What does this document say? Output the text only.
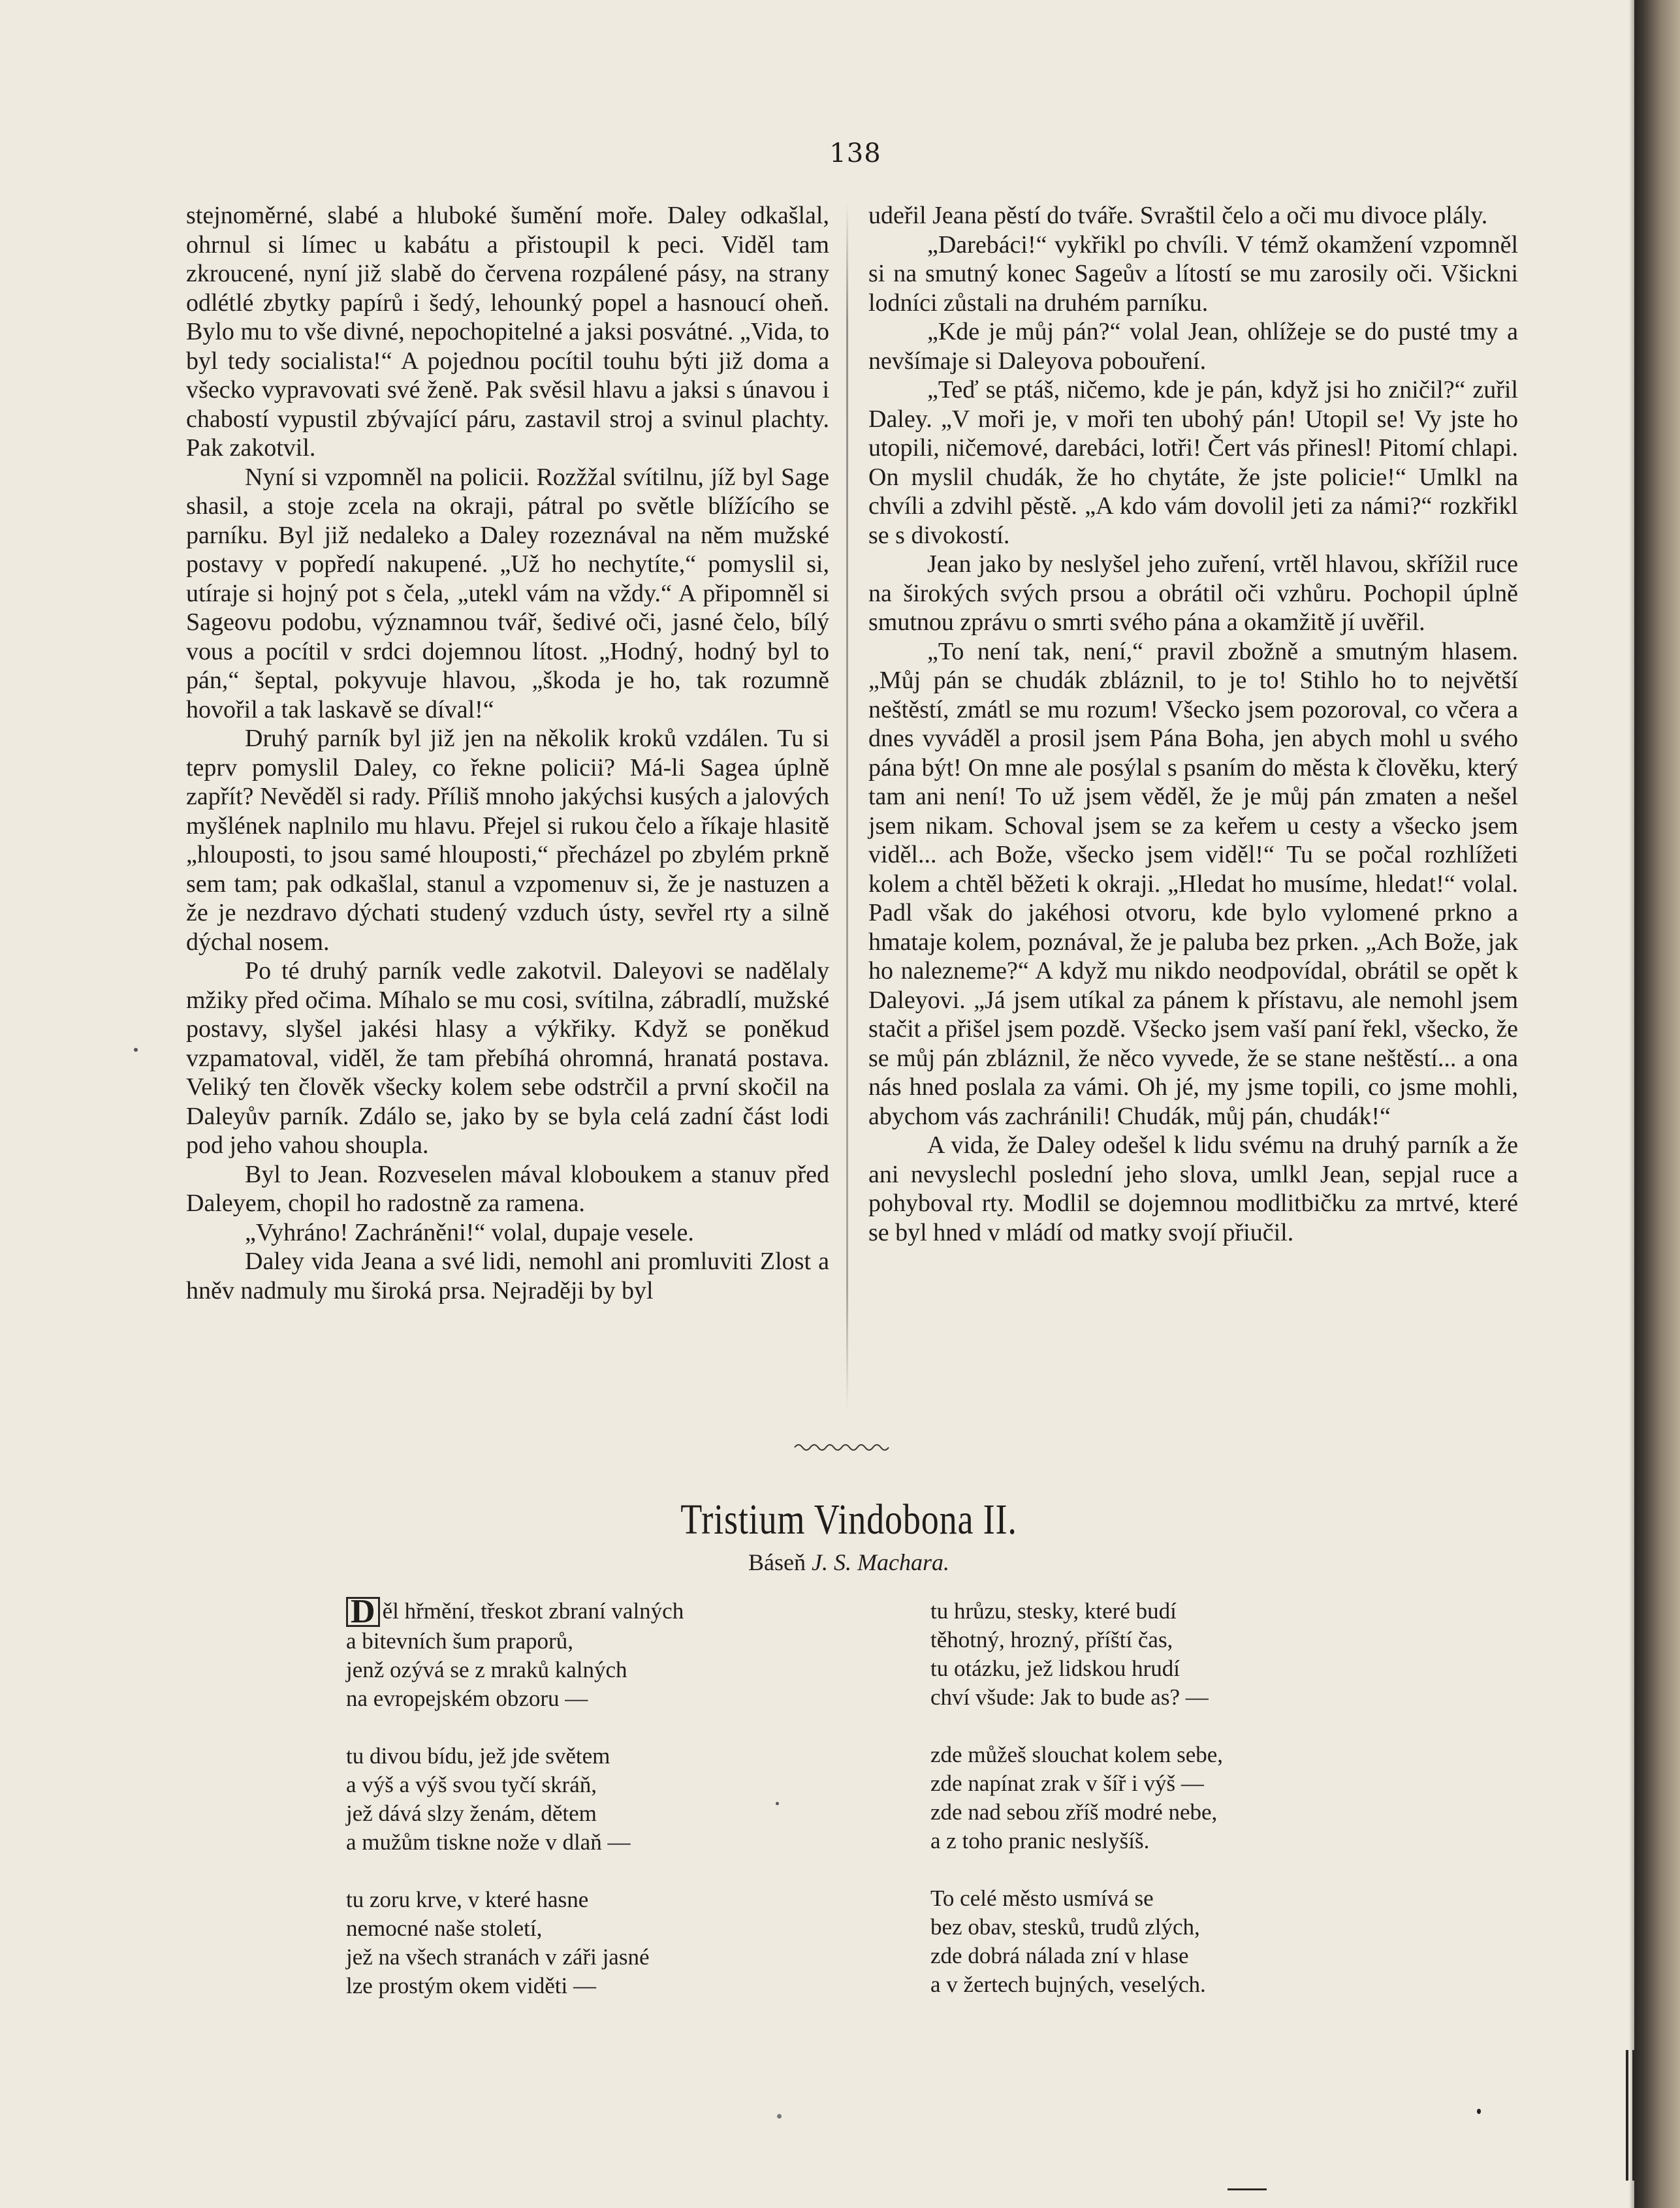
138

stejnoměrné, slabé a hluboké šumění moře. Daley odkašlal, ohrnul si límec u kabátu a přistoupil k peci. Viděl tam zkroucené, nyní již slabě do červena rozpálené pásy, na strany odlétlé zbytky papírů i šedý, lehounký popel a hasnoucí oheň. Bylo mu to vše divné, nepochopitelné a jaksi posvátné. „Vida, to byl tedy socialista!“ A pojednou pocítil touhu býti již doma a všecko vypravovati své ženě. Pak svěsil hlavu a jaksi s únavou i chabostí vypustil zbývající páru, zastavil stroj a svinul plachty. Pak zakotvil.

Nyní si vzpomněl na policii. Rozžžal svítilnu, jíž byl Sage shasil, a stoje zcela na okraji, pátral po světle blížícího se parníku. Byl již nedaleko a Daley rozeznával na něm mužské postavy v popředí nakupené. „Už ho nechytíte,“ pomyslil si, utíraje si hojný pot s čela, „utekl vám na vždy.“ A připomněl si Sageovu podobu, významnou tvář, šedivé oči, jasné čelo, bílý vous a pocítil v srdci dojemnou lítost. „Hodný, hodný byl to pán,“ šeptal, pokyvuje hlavou, „škoda je ho, tak rozumně hovořil a tak laskavě se díval!“

Druhý parník byl již jen na několik kroků vzdálen. Tu si teprv pomyslil Daley, co řekne policii? Má-li Sagea úplně zapřít? Nevěděl si rady. Příliš mnoho jakýchsi kusých a jalových myšlének naplnilo mu hlavu. Přejel si rukou čelo a říkaje hlasitě „hlouposti, to jsou samé hlouposti,“ přecházel po zbylém prkně sem tam; pak odkašlal, stanul a vzpomenuv si, že je nastuzen a že je nezdravo dýchati studený vzduch ústy, sevřel rty a silně dýchal nosem.

Po té druhý parník vedle zakotvil. Daleyovi se nadělaly mžiky před očima. Míhalo se mu cosi, svítilna, zábradlí, mužské postavy, slyšel jakési hlasy a výkřiky. Když se poněkud vzpamatoval, viděl, že tam přebíhá ohromná, hranatá postava. Veliký ten člověk všecky kolem sebe odstrčil a první skočil na Daleyův parník. Zdálo se, jako by se byla celá zadní část lodi pod jeho vahou shoupla.

Byl to Jean. Rozveselen mával kloboukem a stanuv před Daleyem, chopil ho radostně za ramena.

„Vyhráno! Zachráněni!“ volal, dupaje vesele.

Daley vida Jeana a své lidi, nemohl ani promluviti Zlost a hněv nadmuly mu široká prsa. Nejraději by byl

udeřil Jeana pěstí do tváře. Svraštil čelo a oči mu divoce plály.

„Darebáci!“ vykřikl po chvíli. V témž okamžení vzpomněl si na smutný konec Sageův a lítostí se mu zarosily oči. Všickni lodníci zůstali na druhém parníku.

„Kde je můj pán?“ volal Jean, ohlížeje se do pusté tmy a nevšímaje si Daleyova pobouření.

„Teď se ptáš, ničemo, kde je pán, když jsi ho zničil?“ zuřil Daley. „V moři je, v moři ten ubohý pán! Utopil se! Vy jste ho utopili, ničemové, darebáci, lotři! Čert vás přinesl! Pitomí chlapi. On myslil chudák, že ho chytáte, že jste policie!“ Umlkl na chvíli a zdvihl pěstě. „A kdo vám dovolil jeti za námi?“ rozkřikl se s divokostí.

Jean jako by neslyšel jeho zuření, vrtěl hlavou, skřížil ruce na širokých svých prsou a obrátil oči vzhůru. Pochopil úplně smutnou zprávu o smrti svého pána a okamžitě jí uvěřil.

„To není tak, není,“ pravil zbožně a smutným hlasem. „Můj pán se chudák zbláznil, to je to! Stihlo ho to největší neštěstí, zmátl se mu rozum! Všecko jsem pozoroval, co včera a dnes vyváděl a prosil jsem Pána Boha, jen abych mohl u svého pána být! On mne ale posýlal s psaním do města k člověku, který tam ani není! To už jsem věděl, že je můj pán zmaten a nešel jsem nikam. Schoval jsem se za keřem u cesty a všecko jsem viděl... ach Bože, všecko jsem viděl!“ Tu se počal rozhlížeti kolem a chtěl běžeti k okraji. „Hledat ho musíme, hledat!“ volal. Padl však do jakéhosi otvoru, kde bylo vylomené prkno a hmataje kolem, poznával, že je paluba bez prken. „Ach Bože, jak ho nalezneme?“ A když mu nikdo neodpovídal, obrátil se opět k Daleyovi. „Já jsem utíkal za pánem k přístavu, ale nemohl jsem stačit a přišel jsem pozdě. Všecko jsem vaší paní řekl, všecko, že se můj pán zbláznil, že něco vyvede, že se stane neštěstí... a ona nás hned poslala za vámi. Oh jé, my jsme topili, co jsme mohli, abychom vás zachránili! Chudák, můj pán, chudák!“

A vida, že Daley odešel k lidu svému na druhý parník a že ani nevyslechl poslední jeho slova, umlkl Jean, sepjal ruce a pohyboval rty. Modlil se dojemnou modlitbičku za mrtvé, které se byl hned v mládí od matky svojí přiučil.

Tristium Vindobona II.
Báseň J. S. Machara.
D ěl hřmění, třeskot zbraní valných
a bitevních šum praporů,
jenž ozývá se z mraků kalných
na evropejském obzoru —
tu divou bídu, jež jde světem
a výš a výš svou tyčí skráň,
jež dává slzy ženám, dětem
a mužům tiskne nože v dlaň —
tu zoru krve, v které hasne
nemocné naše století,
jež na všech stranách v záři jasné
lze prostým okem viděti —
tu hrůzu, stesky, které budí
těhotný, hrozný, příští čas,
tu otázku, jež lidskou hrudí
chví všude: Jak to bude as? —
zde můžeš slouchat kolem sebe,
zde napínat zrak v šíř i výš —
zde nad sebou zříš modré nebe,
a z toho pranic neslyšíš.
To celé město usmívá se
bez obav, stesků, trudů zlých,
zde dobrá nálada zní v hlase
a v žertech bujných, veselých.
